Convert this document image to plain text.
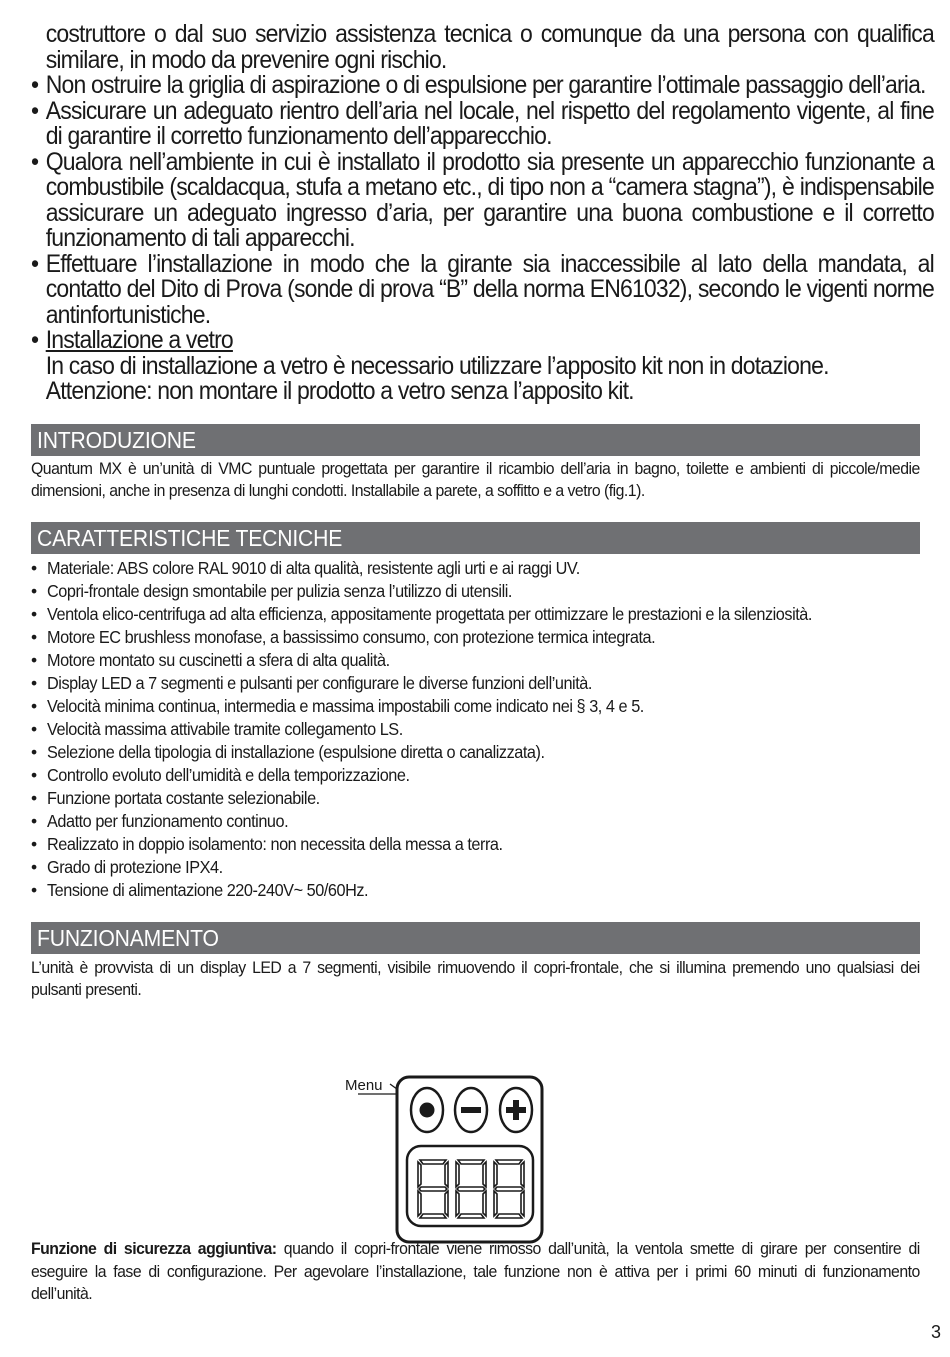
costruttore o dal suo servizio assistenza tecnica o comunque da una persona con qualifica similare, in modo da prevenire ogni rischio.
• Non ostruire la griglia di aspirazione o di espulsione per garantire l’ottimale passaggio dell’aria.
• Assicurare un adeguato rientro dell’aria nel locale, nel rispetto del regolamento vigente, al fine di garantire il corretto funzionamento dell’apparecchio.
• Qualora nell’ambiente in cui è installato il prodotto sia presente un apparecchio funzionante a combustibile (scaldacqua, stufa a metano etc., di tipo non a “camera stagna”), è indispensabile assicurare un adeguato ingresso d’aria, per garantire una buona combustione e il corretto funzionamento di tali apparecchi.
• Effettuare l’installazione in modo che la girante sia inaccessibile al lato della mandata, al contatto del Dito di Prova (sonde di prova “B” della norma EN61032), secondo le vigenti norme antinfortunistiche.
• Installazione a vetro
In caso di installazione a vetro è necessario utilizzare l’apposito kit non in dotazione.
Attenzione: non montare il prodotto a vetro senza l’apposito kit.
INTRODUZIONE

Quantum MX è un’unità di VMC puntuale progettata per garantire il ricambio dell’aria in bagno, toilette e ambienti di piccole/medie dimensioni, anche in presenza di lunghi condotti. Installabile a parete, a soffitto e a vetro (fig.1).

CARATTERISTICHE TECNICHE
• Materiale: ABS colore RAL 9010 di alta qualità, resistente agli urti e ai raggi UV.
• Copri-frontale design smontabile per pulizia senza l’utilizzo di utensili.
• Ventola elico-centrifuga ad alta efficienza, appositamente progettata per ottimizzare le prestazioni e la silenziosità.
• Motore EC brushless monofase, a bassissimo consumo, con protezione termica integrata.
• Motore montato su cuscinetti a sfera di alta qualità.
• Display LED a 7 segmenti e pulsanti per configurare le diverse funzioni dell’unità.
• Velocità minima continua, intermedia e massima impostabili come indicato nei § 3, 4 e 5.
• Velocità massima attivabile tramite collegamento LS.
• Selezione della tipologia di installazione (espulsione diretta o canalizzata).
• Controllo evoluto dell’umidità e della temporizzazione.
• Funzione portata costante selezionabile.
• Adatto per funzionamento continuo.
• Realizzato in doppio isolamento: non necessita della messa a terra.
• Grado di protezione IPX4.
• Tensione di alimentazione 220-240V~ 50/60Hz.
FUNZIONAMENTO

L’unità è provvista di un display LED a 7 segmenti, visibile rimuovendo il copri-frontale, che si illumina premendo uno qualsiasi dei pulsanti presenti.

Menu

Funzione di sicurezza aggiuntiva: quando il copri-frontale viene rimosso dall’unità, la ventola smette di girare per consentire di eseguire la fase di configurazione. Per agevolare l’installazione, tale funzione non è attiva per i primi 60 minuti di funzionamento dell’unità.

3
